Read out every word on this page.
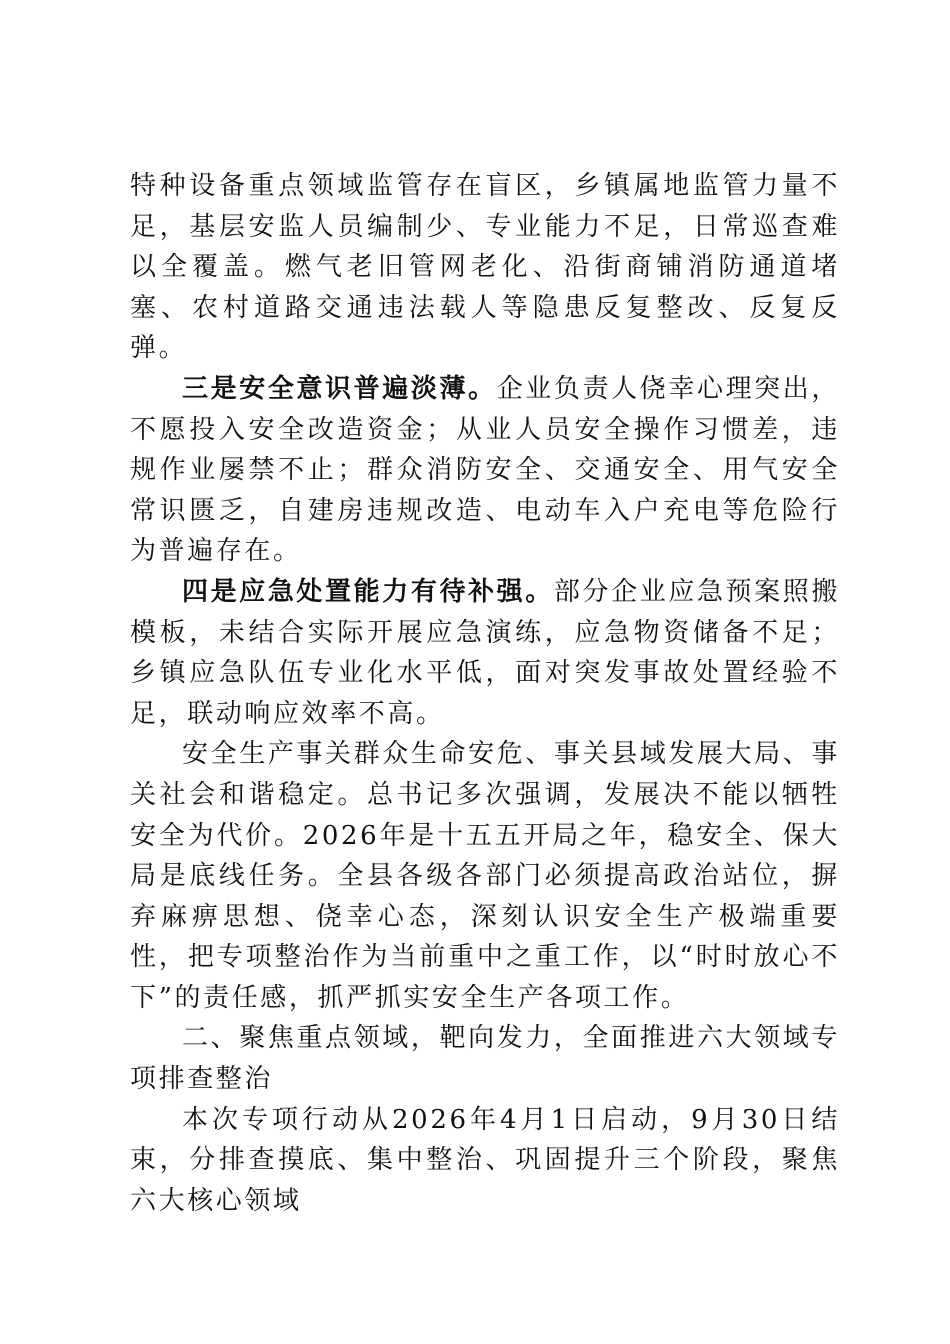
特种设备重点领域监管存在盲区，乡镇属地监管力量不足，基层安监人员编制少、专业能力不足，日常巡查难以全覆盖。燃气老旧管网老化、沿街商铺消防通道堵塞、农村道路交通违法载人等隐患反复整改、反复反弹。

三是安全意识普遍淡薄。企业负责人侥幸心理突出，不愿投入安全改造资金；从业人员安全操作习惯差，违规作业屡禁不止；群众消防安全、交通安全、用气安全常识匮乏，自建房违规改造、电动车入户充电等危险行为普遍存在。

四是应急处置能力有待补强。部分企业应急预案照搬模板，未结合实际开展应急演练，应急物资储备不足；乡镇应急队伍专业化水平低，面对突发事故处置经验不足，联动响应效率不高。

安全生产事关群众生命安危、事关县域发展大局、事关社会和谐稳定。总书记多次强调，发展决不能以牺牲安全为代价。2026年是十五五开局之年，稳安全、保大局是底线任务。全县各级各部门必须提高政治站位，摒弃麻痹思想、侥幸心态，深刻认识安全生产极端重要性，把专项整治作为当前重中之重工作，以“时时放心不下”的责任感，抓严抓实安全生产各项工作。

二、聚焦重点领域，靶向发力，全面推进六大领域专项排查整治

本次专项行动从2026年4月1日启动，9月30日结束，分排查摸底、集中整治、巩固提升三个阶段，聚焦六大核心领域
